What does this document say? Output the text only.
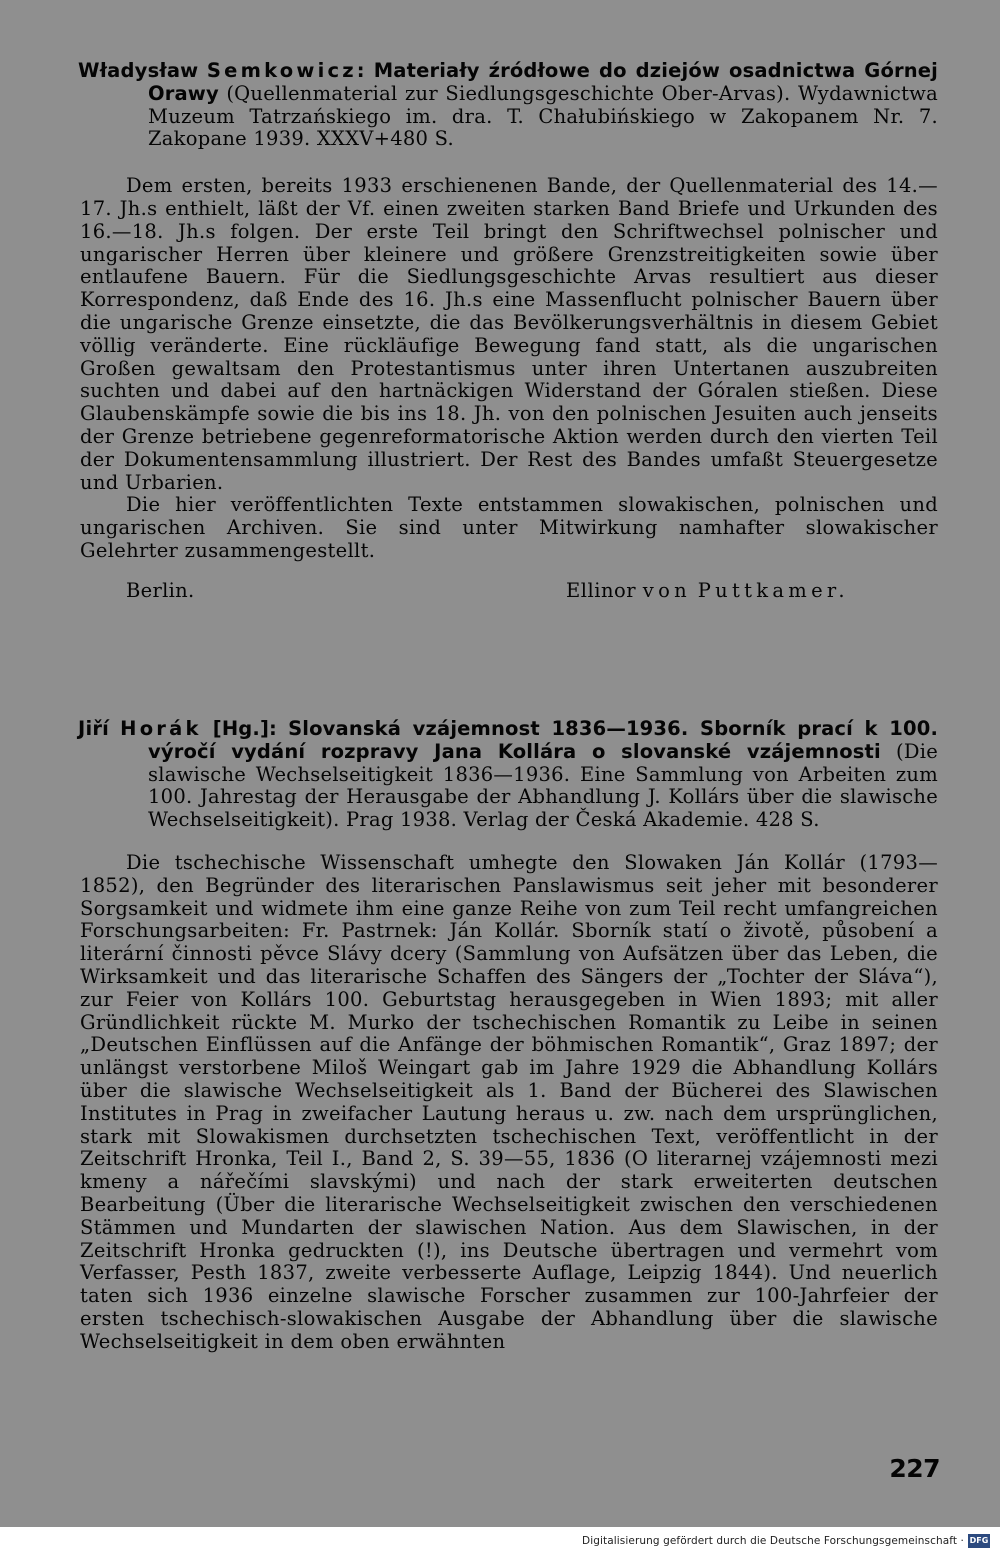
Władysław Semkowicz: Materiały źródłowe do dziejów osadnictwa Górnej Orawy (Quellenmaterial zur Siedlungsgeschichte Ober-Arvas). Wydawnictwa Muzeum Tatrzańskiego im. dra. T. Chałubińskiego w Zakopanem Nr. 7. Zakopane 1939. XXXV+480 S.

Dem ersten, bereits 1933 erschienenen Bande, der Quellenmaterial des 14.—17. Jh.s enthielt, läßt der Vf. einen zweiten starken Band Briefe und Urkunden des 16.—18. Jh.s folgen. Der erste Teil bringt den Schriftwechsel polnischer und ungarischer Herren über kleinere und größere Grenzstreitigkeiten sowie über entlaufene Bauern. Für die Siedlungsgeschichte Arvas resultiert aus dieser Korrespondenz, daß Ende des 16. Jh.s eine Massenflucht polnischer Bauern über die ungarische Grenze einsetzte, die das Bevölkerungsverhältnis in diesem Gebiet völlig veränderte. Eine rückläufige Bewegung fand statt, als die ungarischen Großen gewaltsam den Protestantismus unter ihren Untertanen auszubreiten suchten und dabei auf den hartnäckigen Widerstand der Góralen stießen. Diese Glaubenskämpfe sowie die bis ins 18. Jh. von den polnischen Jesuiten auch jenseits der Grenze betriebene gegenreformatorische Aktion werden durch den vierten Teil der Dokumentensammlung illustriert. Der Rest des Bandes umfaßt Steuergesetze und Urbarien.

Die hier veröffentlichten Texte entstammen slowakischen, polnischen und ungarischen Archiven. Sie sind unter Mitwirkung namhafter slowakischer Gelehrter zusammengestellt.

Berlin.	Ellinor von Puttkamer.
Jiří Horák [Hg.]: Slovanská vzájemnost 1836—1936. Sborník prací k 100. výročí vydání rozpravy Jana Kollára o slovanské vzájemnosti (Die slawische Wechselseitigkeit 1836—1936. Eine Sammlung von Arbeiten zum 100. Jahrestag der Herausgabe der Abhandlung J. Kollárs über die slawische Wechselseitigkeit). Prag 1938. Verlag der Česká Akademie. 428 S.

Die tschechische Wissenschaft umhegte den Slowaken Ján Kollár (1793—1852), den Begründer des literarischen Panslawismus seit jeher mit besonderer Sorgsamkeit und widmete ihm eine ganze Reihe von zum Teil recht umfangreichen Forschungsarbeiten: Fr. Pastrnek: Ján Kollár. Sborník statí o životě, působení a literární činnosti pěvce Slávy dcery (Sammlung von Aufsätzen über das Leben, die Wirksamkeit und das literarische Schaffen des Sängers der „Tochter der Sláva“), zur Feier von Kollárs 100. Geburtstag herausgegeben in Wien 1893; mit aller Gründlichkeit rückte M. Murko der tschechischen Romantik zu Leibe in seinen „Deutschen Einflüssen auf die Anfänge der böhmischen Romantik“, Graz 1897; der unlängst verstorbene Miloš Weingart gab im Jahre 1929 die Abhandlung Kollárs über die slawische Wechselseitigkeit als 1. Band der Bücherei des Slawischen Institutes in Prag in zweifacher Lautung heraus u. zw. nach dem ursprünglichen, stark mit Slowakismen durchsetzten tschechischen Text, veröffentlicht in der Zeitschrift Hronka, Teil I., Band 2, S. 39—55, 1836 (O literarnej vzájemnosti mezi kmeny a nářečími slavskými) und nach der stark erweiterten deutschen Bearbeitung (Über die literarische Wechselseitigkeit zwischen den verschiedenen Stämmen und Mundarten der slawischen Nation. Aus dem Slawischen, in der Zeitschrift Hronka gedruckten (!), ins Deutsche übertragen und vermehrt vom Verfasser, Pesth 1837, zweite verbesserte Auflage, Leipzig 1844). Und neuerlich taten sich 1936 einzelne slawische Forscher zusammen zur 100-Jahrfeier der ersten tschechisch-slowakischen Ausgabe der Abhandlung über die slawische Wechselseitigkeit in dem oben erwähnten

227
Digitalisierung gefördert durch die Deutsche Forschungsgemeinschaft · DFG
